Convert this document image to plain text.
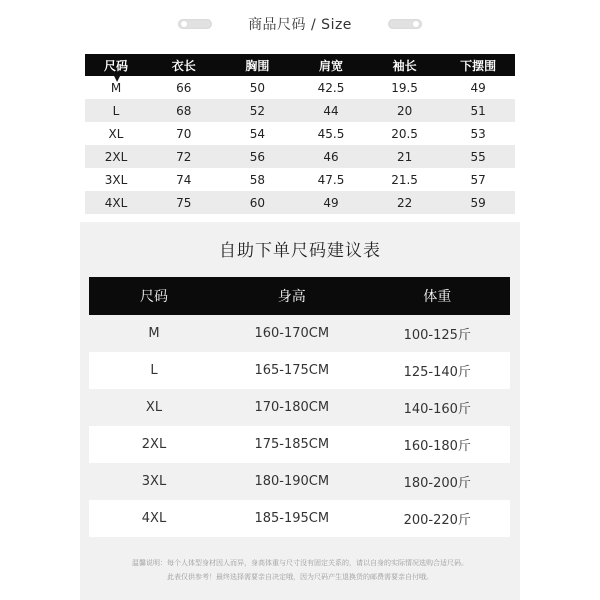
商品尺码 / Size
尺码	衣长	胸围	肩宽	袖长	下摆围
M	66	50	42.5	19.5	49
L	68	52	44	20	51
XL	70	54	45.5	20.5	53
2XL	72	56	46	21	55
3XL	74	58	47.5	21.5	57
4XL	75	60	49	22	59
▼
自助下单尺码建议表
尺码	身高	体重
M	160-170CM	100-125斤
L	165-175CM	125-140斤
XL	170-180CM	140-160斤
2XL	175-185CM	160-180斤
3XL	180-190CM	180-200斤
4XL	185-195CM	200-220斤
温馨说明：每个人体型身材因人而异，身高体重与尺寸没有固定关系的，请以自身的实际情况选购合适尺码。
此表仅供参考！最终选择需要亲自决定哦，因为尺码产生退换货的邮费需要亲自付哦。
